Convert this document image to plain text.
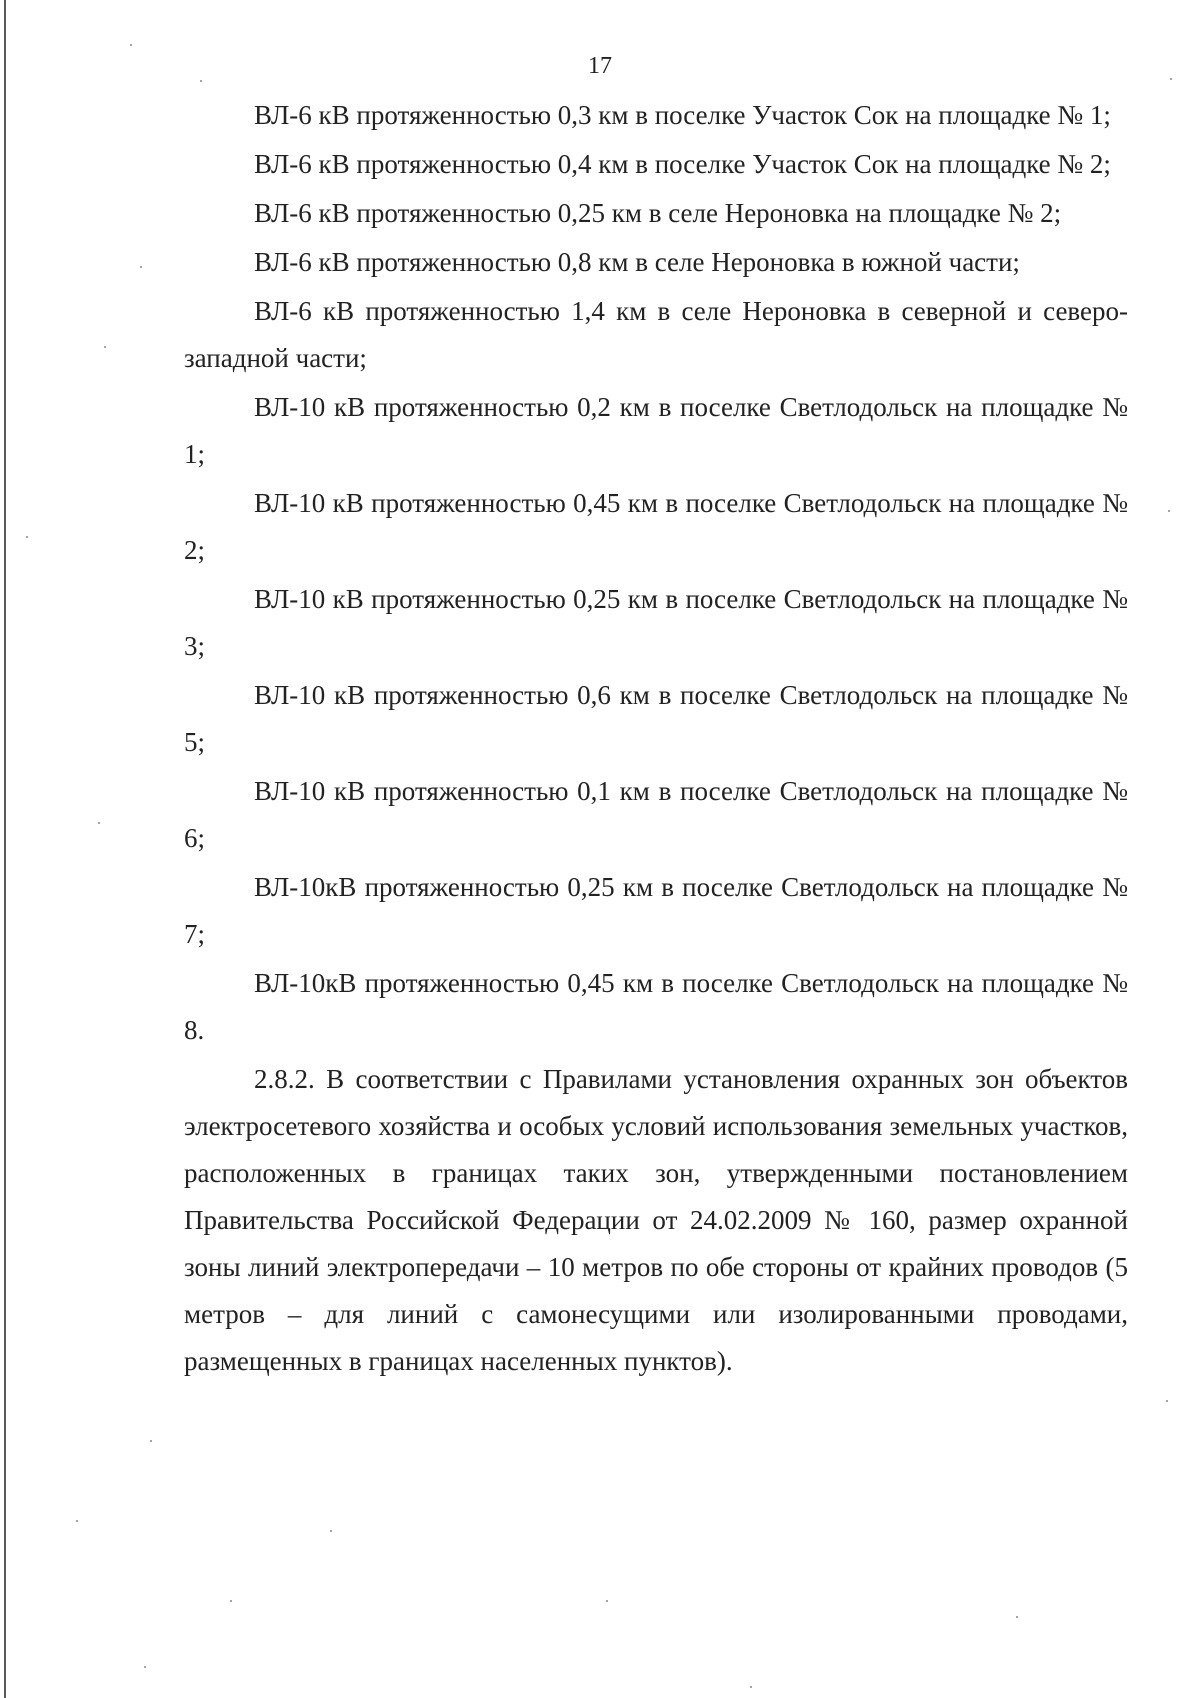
17

ВЛ-6 кВ протяженностью 0,3 км в поселке Участок Сок на площадке № 1;

ВЛ-6 кВ протяженностью 0,4 км в поселке Участок Сок на площадке № 2;

ВЛ-6 кВ протяженностью 0,25 км в селе Нероновка на площадке № 2;

ВЛ-6 кВ протяженностью 0,8 км в селе Нероновка в южной части;

ВЛ-6 кВ протяженностью 1,4 км в селе Нероновка в северной и северо-западной части;

ВЛ-10 кВ протяженностью 0,2 км в поселке Светлодольск на площадке № 1;

ВЛ-10 кВ протяженностью 0,45 км в поселке Светлодольск на площадке № 2;

ВЛ-10 кВ протяженностью 0,25 км в поселке Светлодольск на площадке № 3;

ВЛ-10 кВ протяженностью 0,6 км в поселке Светлодольск на площадке № 5;

ВЛ-10 кВ протяженностью 0,1 км в поселке Светлодольск на площадке № 6;

ВЛ-10кВ протяженностью 0,25 км в поселке Светлодольск на площадке № 7;

ВЛ-10кВ протяженностью 0,45 км в поселке Светлодольск на площадке № 8.

2.8.2. В соответствии с Правилами установления охранных зон объектов электросетевого хозяйства и особых условий использования земельных участков, расположенных в границах таких зон, утвержденными постановлением Правительства Российской Федерации от 24.02.2009 № 160, размер охранной зоны линий электропередачи – 10 метров по обе стороны от крайних проводов (5 метров – для линий с самонесущими или изолированными проводами, размещенных в границах населенных пунктов).
